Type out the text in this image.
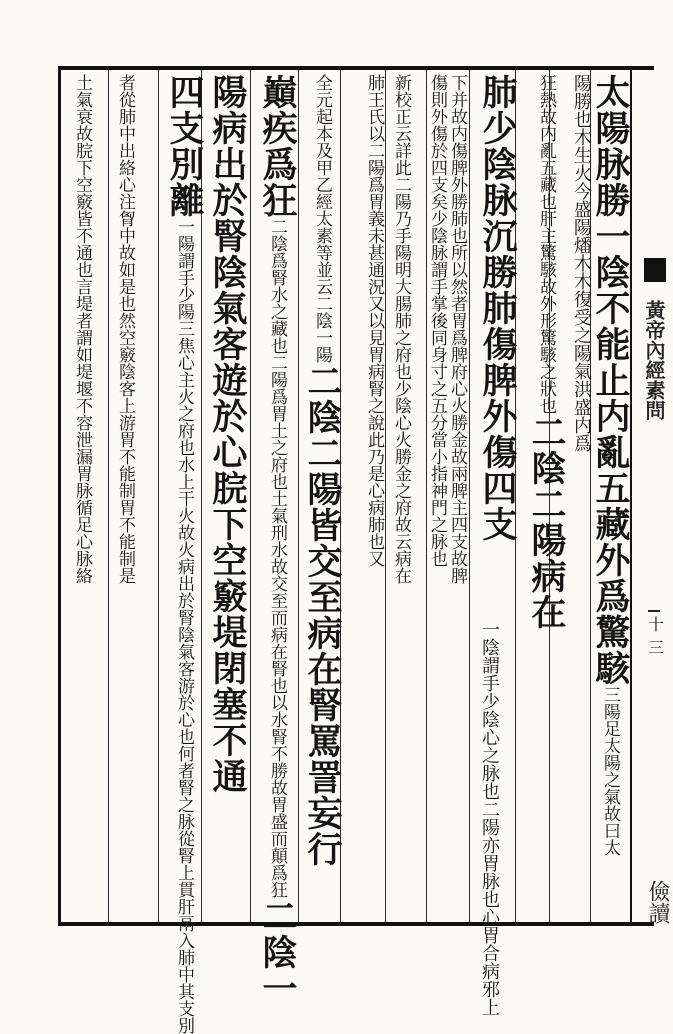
太陽脉勝一陰不能止内亂五藏外爲驚駭三陽足太陽之氣故曰太
陽勝也木生火今盛陽燔木木復受之陽氣洪盛内爲
狂熱故内亂五藏也肝主驚駭故外形驚駭之狀也二陰二陽病在
肺少陰脉沉勝肺傷脾外傷四支
一陰謂手少陰心之脉也二陽亦胃脉也心胃合病邪上
下并故内傷脾外勝肺也所以然者胃爲脾府心火勝金故兩脾主四支故脾
傷則外傷於四支矣少陰脉謂手掌後同身寸之五分當小指神門之脉也
新校正云詳此二陽乃手陽明大腸肺之府也少陰心火勝金之府故云病在
肺王氏以二陽爲胃義未甚通況又以見胃病腎之說此乃是心病肺也又
全元起本及甲乙經太素等並云二陰一陽二陰二陽皆交至病在腎罵詈妄行
巔疾爲狂二陰爲腎水之藏也二陽爲胃土之府也土氣刑水故交至而病在腎也以水腎不勝故胃盛而顛爲狂二陰一
陽病出於腎陰氣客遊於心脘下空竅堤閉塞不通
四支別離一陽謂手少陽三焦心主火之府也水上干火故火病出於腎陰氣客游於心也何者腎之脉從腎上貫肝鬲入肺中其支別
者從肺中出絡心注胷中故如是也然空竅陰客上游胃不能制胃不能制是
土氣衰故脘下空竅皆不通也言堤者謂如堤堰不容泄漏胃脉循足心脉絡	黃帝內經素問
十三
儉讀
